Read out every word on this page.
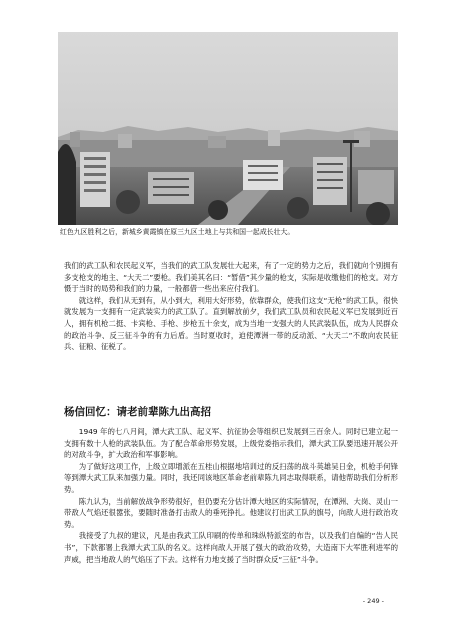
红色九区胜利之后，新城乡黄霞镇在原三九区土地上与共和国一起成长壮大。

我们的武工队和农民起义军，当我们的武工队发展壮大起来，有了一定的势力之后，我们就向个别拥有多支枪支的地主、“大天二”要枪。我们美其名曰：“暂借”其少量的枪支，实际是收缴他们的枪支。对方慑于当时的局势和我们的力量，一般都借一些出来应付我们。

就这样，我们从无到有，从小到大，利用大好形势，依靠群众，使我们这支“无枪”的武工队，很快就发展为一支拥有一定武装实力的武工队了。直到解放前夕，我们武工队员和农民起义军已发展到近百人，拥有机枪二挺、卡宾枪、手枪、步枪五十余支，成为当地一支强大的人民武装队伍，成为人民群众的政治斗争、反三征斗争的有力后盾。当时夏收时，迫使潭洲一带的反动派、“大天二”不敢向农民征兵、征粮、征税了。

杨信回忆：请老前辈陈九出高招

1949 年的七八月间，潭大武工队、起义军、抗征协会等组织已发展到三百余人。同时已建立起一支拥有数十人枪的武装队伍。为了配合革命形势发展，上级党委指示我们，潭大武工队要迅速开展公开的对敌斗争，扩大政治和军事影响。

为了做好这项工作，上级立即增派在五桂山根据地培训过的反扫荡的战斗英雄吴日金，机枪手何锋等到潭大武工队来加强力量。同时，我还同该地区革命老前辈陈九同志取得联系，请他帮助我们分析形势。

陈九认为，当前解放战争形势很好，但仍要充分估计潭大地区的实际情况，在潭洲、大岗、灵山一带敌人气焰还很嚣张，要随时准备打击敌人的垂死挣扎。他建议打出武工队的旗号，向敌人进行政治攻势。

我接受了九叔的建议，凡是由我武工队印刷的传单和珠纵特派室的布告，以及我们自编的“告人民书”，下款都署上我潭大武工队的名义。这样向敌人开展了强大的政治攻势，大造南下大军胜利进军的声威，把当地敌人的气焰压了下去。这样有力地支援了当时群众反“三征”斗争。

- 249 -
